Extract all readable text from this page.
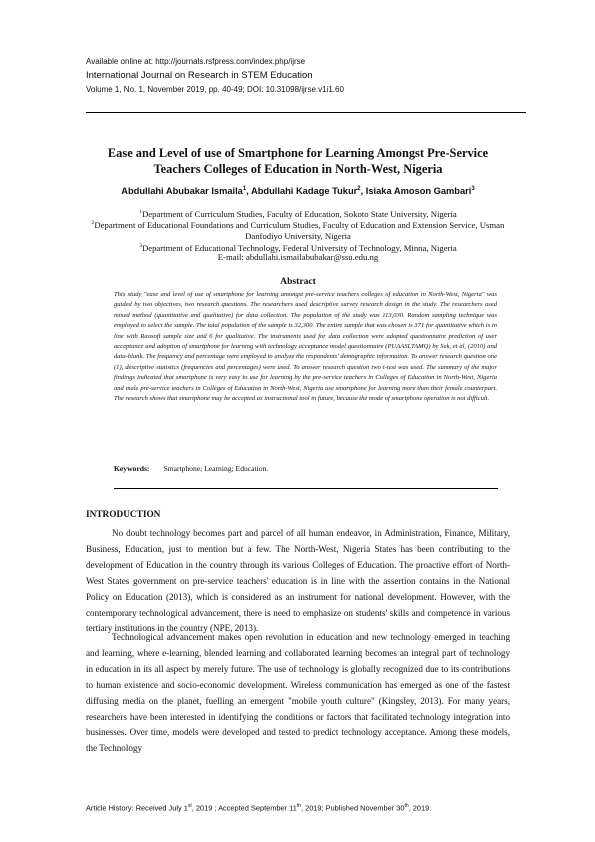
Available online at: http://journals.rsfpress.com/index.php/ijrse
International Journal on Research in STEM Education
Volume 1, No. 1, November 2019, pp. 40-49; DOI: 10.31098/ijrse.v1i1.60
Ease and Level of use of Smartphone for Learning Amongst Pre-Service
Teachers Colleges of Education in North-West, Nigeria
Abdullahi Abubakar Ismaila$^1$, Abdullahi Kadage Tukur$^2$, Isiaka Amoson Gambari$^3$
$^1$Department of Curriculum Studies, Faculty of Education, Sokoto State University, Nigeria
$^2$Department of Educational Foundations and Curriculum Studies, Faculty of Education and Extension Service, Usman Danfodiyo University, Nigeria
$^3$Department of Educational Technology, Federal University of Technology, Minna, Nigeria
E-mail: abdullahi.ismailabubakar@ssu.edu.ng
Abstract
This study "ease and level of use of smartphone for learning amongst pre-service teachers colleges of education in North-West, Nigeria" was guided by two objectives, two research questions. The researchers used descriptive survey research design in the study. The researchers used mixed method (quantitative and qualitative) for data collection. The population of the study was 113,030. Random sampling technique was employed to select the sample. The total population of the sample is 32,300. The entire sample that was chosen is 371 for quantitative which is in line with Raosoft sample size and 6 for qualitative. The instruments used for data collection were adopted questionnaire prediction of user acceptance and adoption of smartphone for learning with technology acceptance model questionnaire (PUAASLTAMQ) by Sek, et al, (2010) and data-blank. The frequency and percentage were employed to analyze the respondents' demographic information. To answer research question one (1), descriptive statistics (frequencies and percentages) were used. To answer research question two t-test was used. The summary of the major findings indicated that smartphone is very easy to use for learning by the pre-service teachers in Colleges of Education in North-West, Nigeria and male pre-service teachers in Colleges of Education in North-West, Nigeria use smartphone for learning more than their female counterpart. The research shows that smartphone may be accepted as instructional tool in future, because the mode of smartphone operation is not difficult.
Keywords: Smartphone; Learning; Education.
INTRODUCTION
No doubt technology becomes part and parcel of all human endeavor, in Administration, Finance, Military, Business, Education, just to mention but a few. The North-West, Nigeria States has been contributing to the development of Education in the country through its various Colleges of Education. The proactive effort of North-West States government on pre-service teachers' education is in line with the assertion contains in the National Policy on Education (2013), which is considered as an instrument for national development. However, with the contemporary technological advancement, there is need to emphasize on students' skills and competence in various tertiary institutions in the country (NPE, 2013).
Technological advancement makes open revolution in education and new technology emerged in teaching and learning, where e-learning, blended learning and collaborated learning becomes an integral part of technology in education in its all aspect by merely future. The use of technology is globally recognized due to its contributions to human existence and socio-economic development. Wireless communication has emerged as one of the fastest diffusing media on the planet, fuelling an emergent "mobile youth culture" (Kingsley, 2013). For many years, researchers have been interested in identifying the conditions or factors that facilitated technology integration into businesses. Over time, models were developed and tested to predict technology acceptance. Among these models, the Technology
Article History: Received July 1st, 2019 ; Accepted September 11th, 2019; Published November 30th, 2019.
